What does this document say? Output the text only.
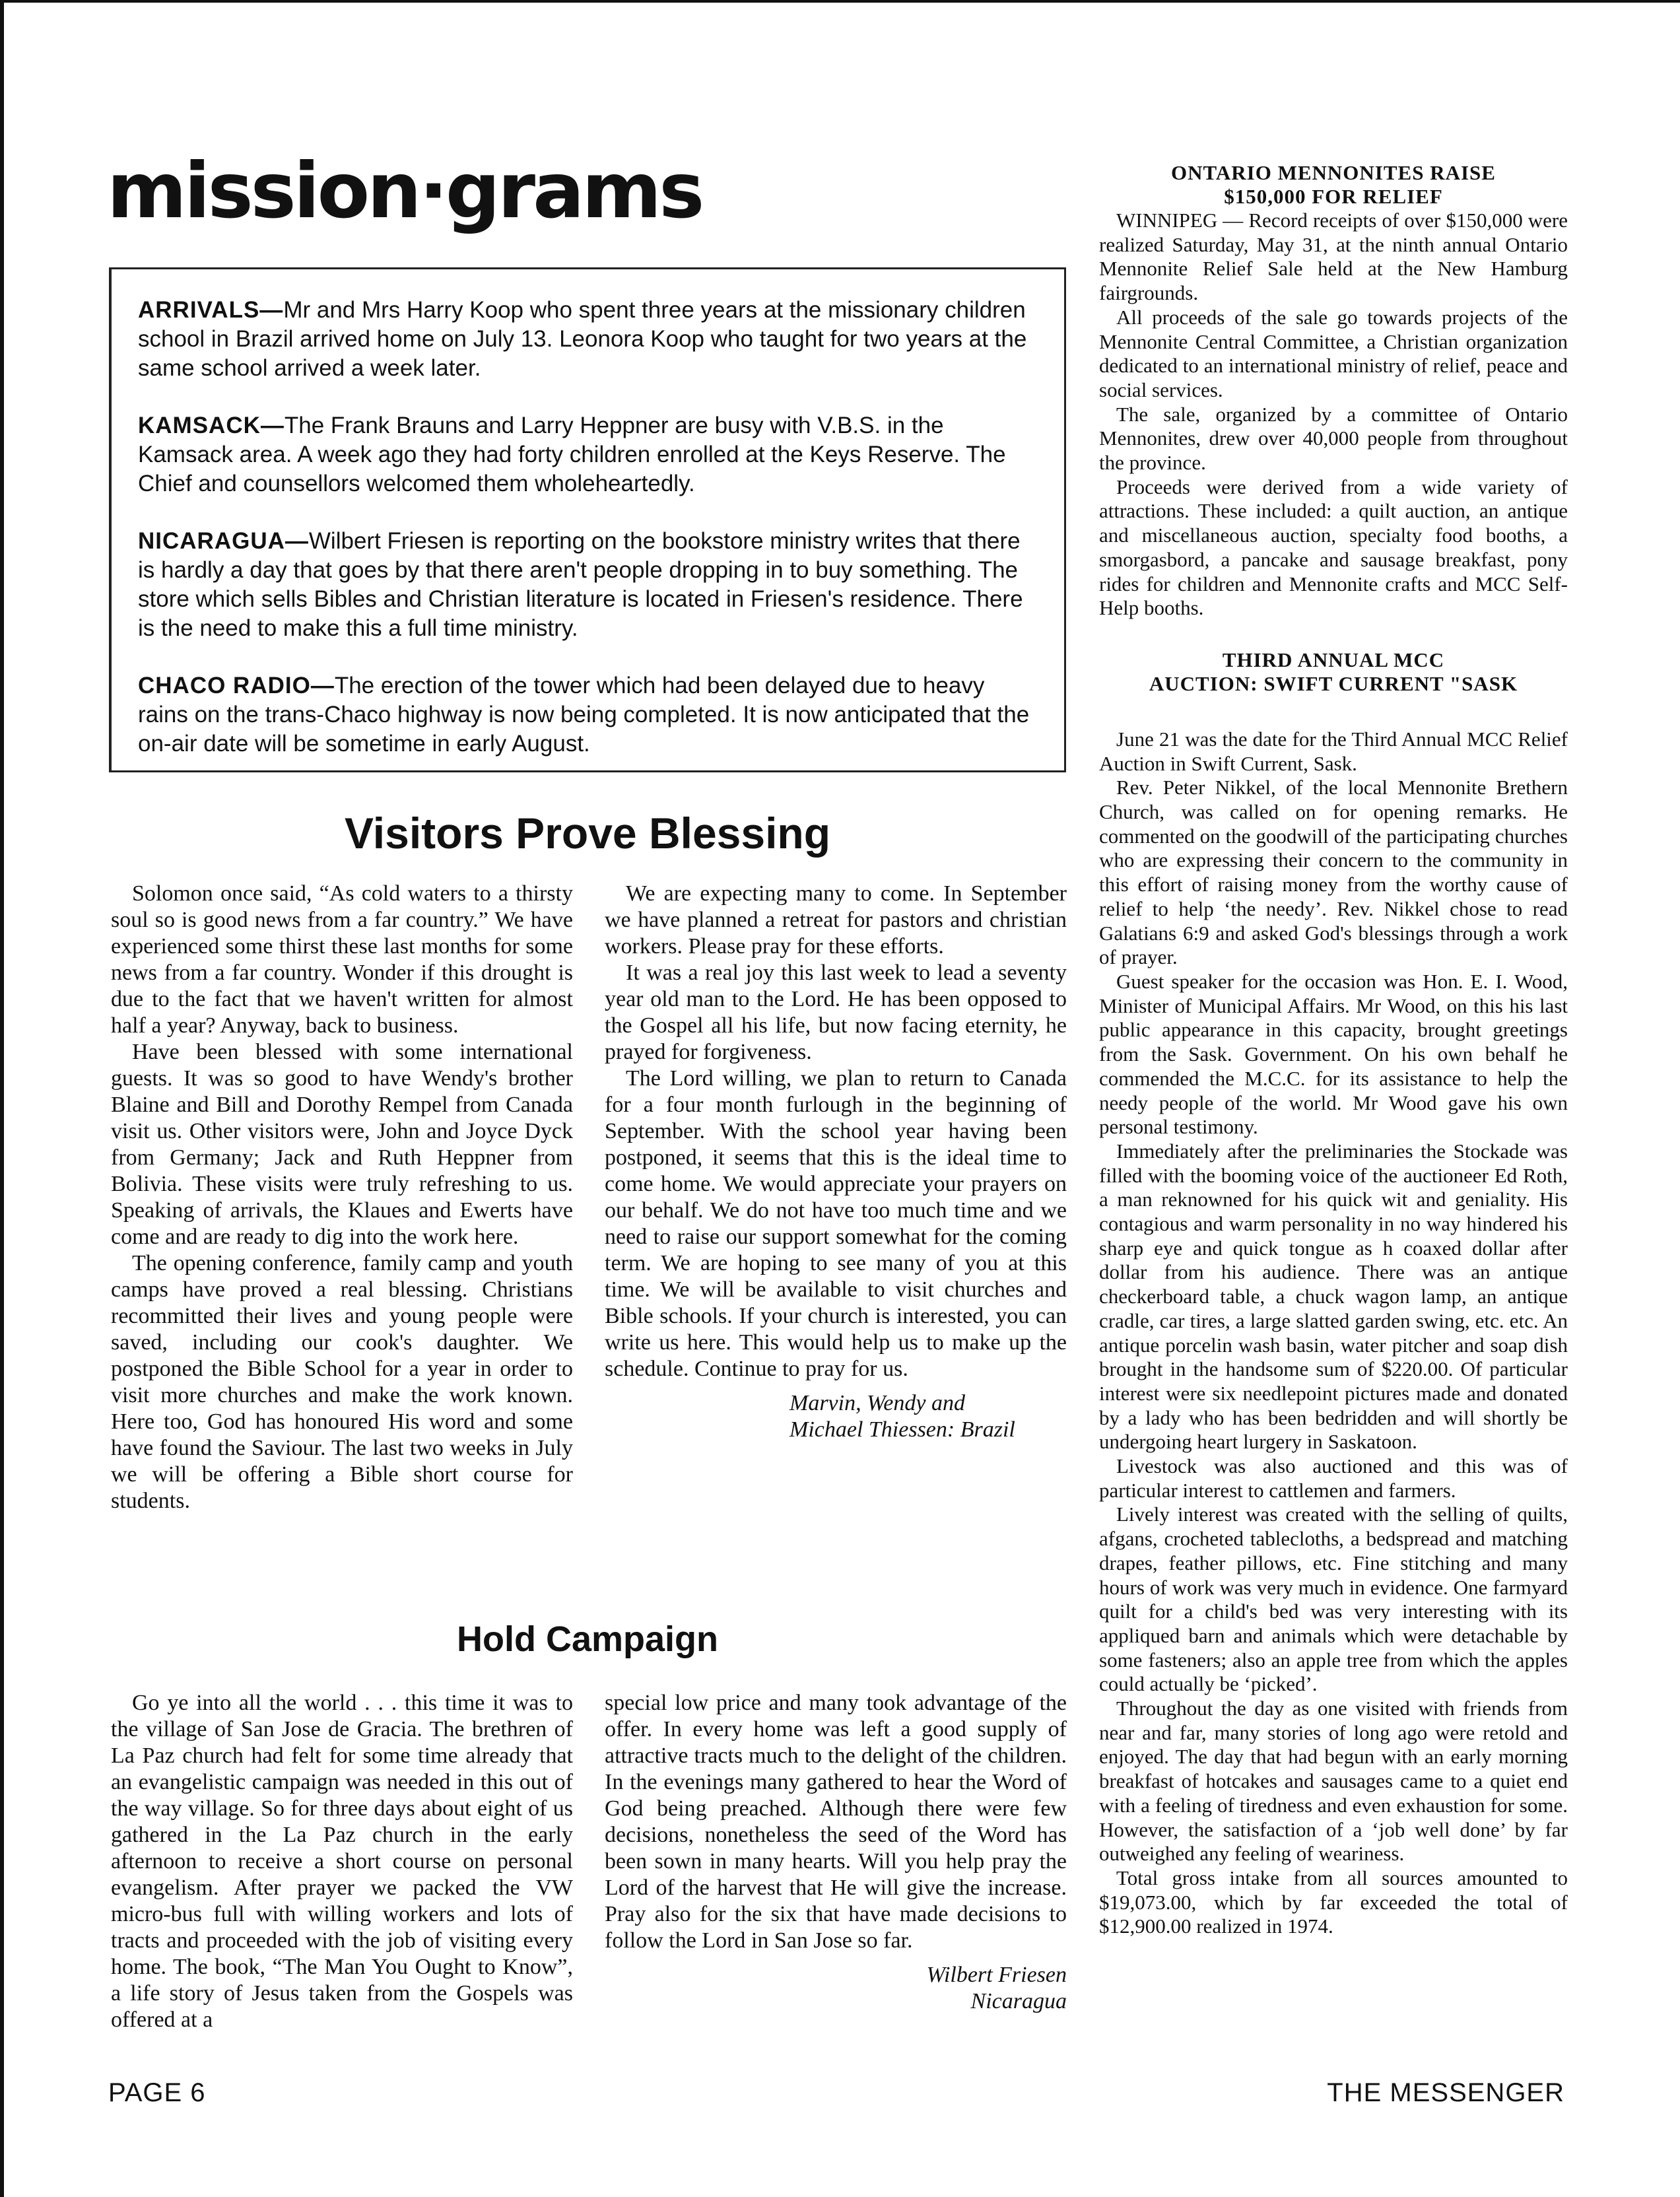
mission·grams

ARRIVALS—Mr and Mrs Harry Koop who spent three years at the missionary children school in Brazil arrived home on July 13. Leonora Koop who taught for two years at the same school arrived a week later.

KAMSACK—The Frank Brauns and Larry Heppner are busy with V.B.S. in the Kamsack area. A week ago they had forty children enrolled at the Keys Reserve. The Chief and counsellors welcomed them wholeheartedly.

NICARAGUA—Wilbert Friesen is reporting on the bookstore ministry writes that there is hardly a day that goes by that there aren't people dropping in to buy something. The store which sells Bibles and Christian literature is located in Friesen's residence. There is the need to make this a full time ministry.

CHACO RADIO—The erection of the tower which had been delayed due to heavy rains on the trans-Chaco highway is now being completed. It is now anticipated that the on-air date will be sometime in early August.

Visitors Prove Blessing

Solomon once said, “As cold waters to a thirsty soul so is good news from a far country.” We have experienced some thirst these last months for some news from a far country. Wonder if this drought is due to the fact that we haven't written for almost half a year? Anyway, back to business.

Have been blessed with some international guests. It was so good to have Wendy's brother Blaine and Bill and Dorothy Rempel from Canada visit us. Other visitors were, John and Joyce Dyck from Germany; Jack and Ruth Heppner from Bolivia. These visits were truly refreshing to us. Speaking of arrivals, the Klaues and Ewerts have come and are ready to dig into the work here.

The opening conference, family camp and youth camps have proved a real blessing. Christians recommitted their lives and young people were saved, including our cook's daughter. We postponed the Bible School for a year in order to visit more churches and make the work known. Here too, God has honoured His word and some have found the Saviour. The last two weeks in July we will be offering a Bible short course for students.

We are expecting many to come. In September we have planned a retreat for pastors and christian workers. Please pray for these efforts.

It was a real joy this last week to lead a seventy year old man to the Lord. He has been opposed to the Gospel all his life, but now facing eternity, he prayed for forgiveness.

The Lord willing, we plan to return to Canada for a four month furlough in the beginning of September. With the school year having been postponed, it seems that this is the ideal time to come home. We would appreciate your prayers on our behalf. We do not have too much time and we need to raise our support somewhat for the coming term. We are hoping to see many of you at this time. We will be available to visit churches and Bible schools. If your church is interested, you can write us here. This would help us to make up the schedule. Continue to pray for us.

Marvin, Wendy and
Michael Thiessen: Brazil
Hold Campaign

Go ye into all the world . . . this time it was to the village of San Jose de Gracia. The brethren of La Paz church had felt for some time already that an evangelistic campaign was needed in this out of the way village. So for three days about eight of us gathered in the La Paz church in the early afternoon to receive a short course on personal evangelism. After prayer we packed the VW micro-bus full with willing workers and lots of tracts and proceeded with the job of visiting every home. The book, “The Man You Ought to Know”, a life story of Jesus taken from the Gospels was offered at a

special low price and many took advantage of the offer. In every home was left a good supply of attractive tracts much to the delight of the children. In the evenings many gathered to hear the Word of God being preached. Although there were few decisions, nonetheless the seed of the Word has been sown in many hearts. Will you help pray the Lord of the harvest that He will give the increase. Pray also for the six that have made decisions to follow the Lord in San Jose so far.

Wilbert Friesen
Nicaragua
ONTARIO MENNONITES RAISE
$150,000 FOR RELIEF

WINNIPEG — Record receipts of over $150,000 were realized Saturday, May 31, at the ninth annual Ontario Mennonite Relief Sale held at the New Hamburg fairgrounds.

All proceeds of the sale go towards projects of the Mennonite Central Committee, a Christian organization dedicated to an international ministry of relief, peace and social services.

The sale, organized by a committee of Ontario Mennonites, drew over 40,000 people from throughout the province.

Proceeds were derived from a wide variety of attractions. These included: a quilt auction, an antique and miscellaneous auction, specialty food booths, a smorgasbord, a pancake and sausage breakfast, pony rides for children and Mennonite crafts and MCC Self-Help booths.

THIRD ANNUAL MCC
AUCTION: SWIFT CURRENT "SASK

June 21 was the date for the Third Annual MCC Relief Auction in Swift Current, Sask.

Rev. Peter Nikkel, of the local Mennonite Brethern Church, was called on for opening remarks. He commented on the goodwill of the participating churches who are expressing their concern to the community in this effort of raising money from the worthy cause of relief to help ‘the needy’. Rev. Nikkel chose to read Galatians 6:9 and asked God's blessings through a work of prayer.

Guest speaker for the occasion was Hon. E. I. Wood, Minister of Municipal Affairs. Mr Wood, on this his last public appearance in this capacity, brought greetings from the Sask. Government. On his own behalf he commended the M.C.C. for its assistance to help the needy people of the world. Mr Wood gave his own personal testimony.

Immediately after the preliminaries the Stockade was filled with the booming voice of the auctioneer Ed Roth, a man reknowned for his quick wit and geniality. His contagious and warm personality in no way hindered his sharp eye and quick tongue as h coaxed dollar after dollar from his audience. There was an antique checkerboard table, a chuck wagon lamp, an antique cradle, car tires, a large slatted garden swing, etc. etc. An antique porcelin wash basin, water pitcher and soap dish brought in the handsome sum of $220.00. Of particular interest were six needlepoint pictures made and donated by a lady who has been bedridden and will shortly be undergoing heart lurgery in Saskatoon.

Livestock was also auctioned and this was of particular interest to cattlemen and farmers.

Lively interest was created with the selling of quilts, afgans, crocheted tablecloths, a bedspread and matching drapes, feather pillows, etc. Fine stitching and many hours of work was very much in evidence. One farmyard quilt for a child's bed was very interesting with its appliqued barn and animals which were detachable by some fasteners; also an apple tree from which the apples could actually be ‘picked’.

Throughout the day as one visited with friends from near and far, many stories of long ago were retold and enjoyed. The day that had begun with an early morning breakfast of hotcakes and sausages came to a quiet end with a feeling of tiredness and even exhaustion for some. However, the satisfaction of a ‘job well done’ by far outweighed any feeling of weariness.

Total gross intake from all sources amounted to $19,073.00, which by far exceeded the total of $12,900.00 realized in 1974.

PAGE 6	THE MESSENGER
